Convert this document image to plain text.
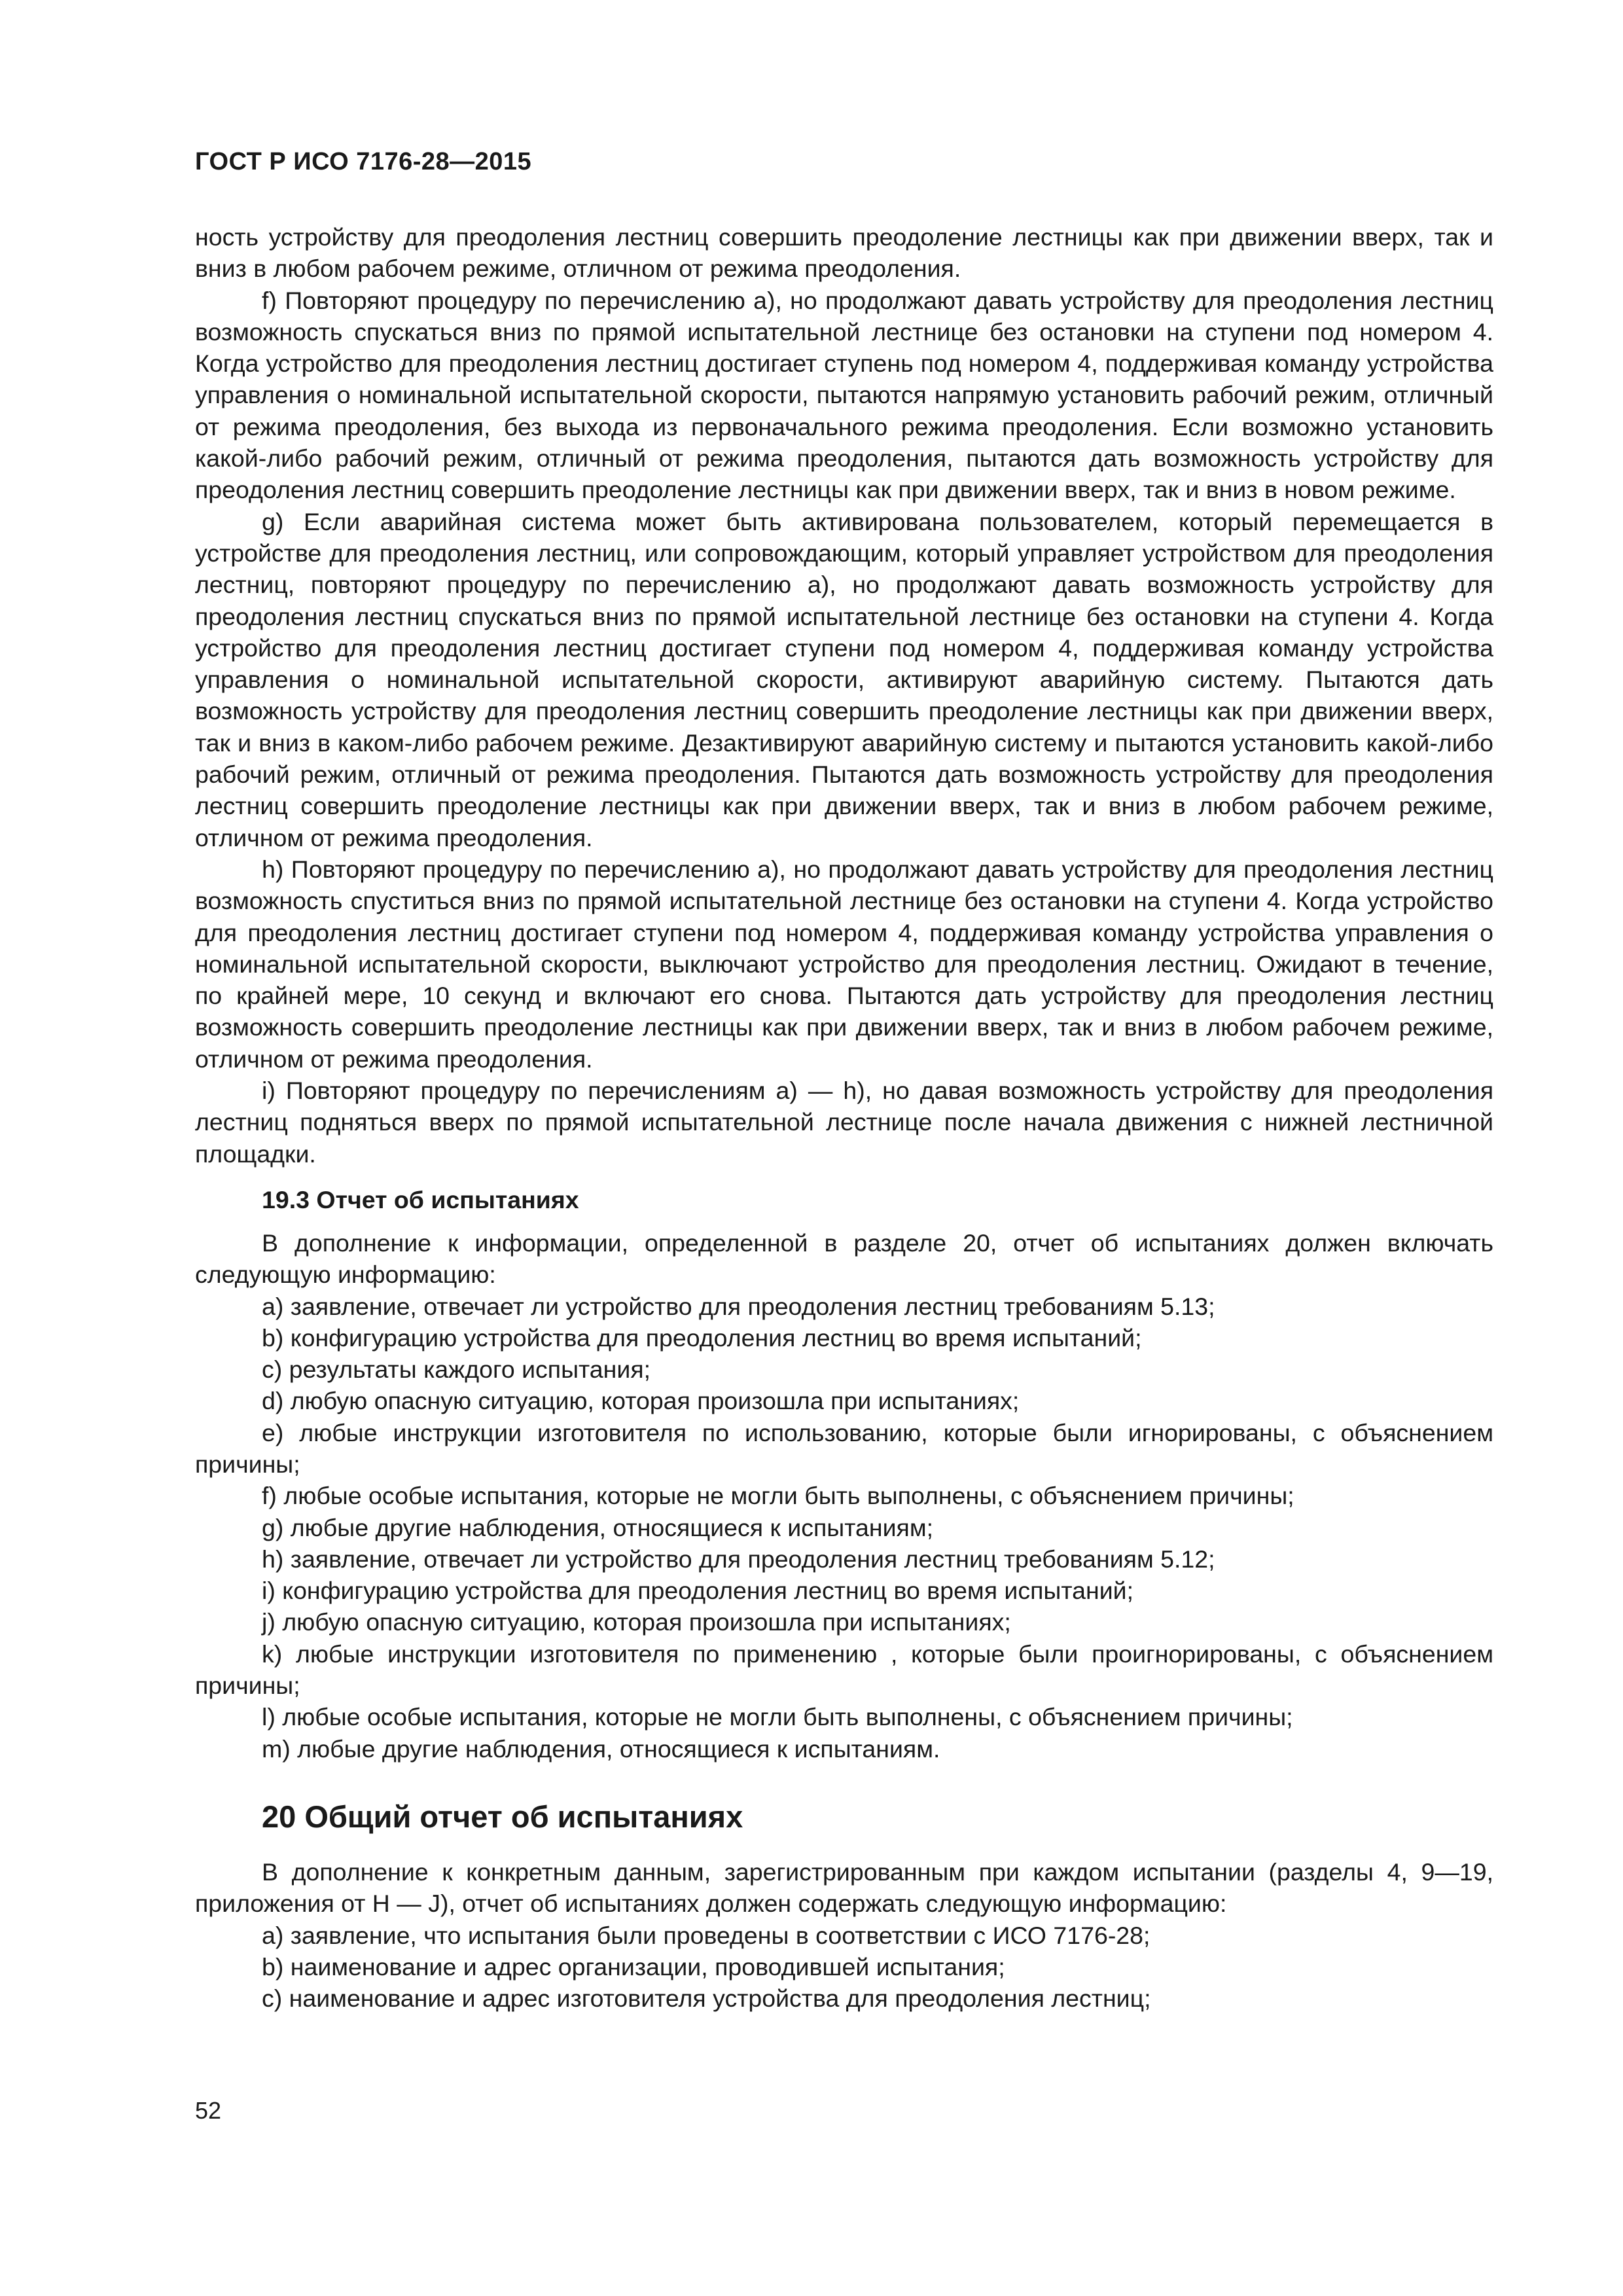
ГОСТ Р ИСО 7176-28—2015

ность устройству для преодоления лестниц совершить преодоление лестницы как при движении вверх, так и вниз в любом рабочем режиме, отличном от режима преодоления.

f) Повторяют процедуру по перечислению а), но продолжают давать устройству для преодоления лестниц возможность спускаться вниз по прямой испытательной лестнице без остановки на ступени под номером 4. Когда устройство для преодоления лестниц достигает ступень под номером 4, поддерживая команду устройства управления о номинальной испытательной скорости, пытаются напрямую установить рабочий режим, отличный от режима преодоления, без выхода из первоначального режима преодоления. Если возможно установить какой-либо рабочий режим, отличный от режима преодоления, пытаются дать возможность устройству для преодоления лестниц совершить преодоление лестницы как при движении вверх, так и вниз в новом режиме.

g) Если аварийная система может быть активирована пользователем, который перемещается в устройстве для преодоления лестниц, или сопровождающим, который управляет устройством для преодоления лестниц, повторяют процедуру по перечислению а), но продолжают давать возможность устройству для преодоления лестниц спускаться вниз по прямой испытательной лестнице без остановки на ступени 4. Когда устройство для преодоления лестниц достигает ступени под номером 4, поддерживая команду устройства управления о номинальной испытательной скорости, активируют аварийную систему. Пытаются дать возможность устройству для преодоления лестниц совершить преодоление лестницы как при движении вверх, так и вниз в каком-либо рабочем режиме. Дезактивируют аварийную систему и пытаются установить какой-либо рабочий режим, отличный от режима преодоления. Пытаются дать возможность устройству для преодоления лестниц совершить преодоление лестницы как при движении вверх, так и вниз в любом рабочем режиме, отличном от режима преодоления.

h) Повторяют процедуру по перечислению а), но продолжают давать устройству для преодоления лестниц возможность спуститься вниз по прямой испытательной лестнице без остановки на ступени 4. Когда устройство для преодоления лестниц достигает ступени под номером 4, поддерживая команду устройства управления о номинальной испытательной скорости, выключают устройство для преодоления лестниц. Ожидают в течение, по крайней мере, 10 секунд и включают его снова. Пытаются дать устройству для преодоления лестниц возможность совершить преодоление лестницы как при движении вверх, так и вниз в любом рабочем режиме, отличном от режима преодоления.

i) Повторяют процедуру по перечислениям а) — h), но давая возможность устройству для преодоления лестниц подняться вверх по прямой испытательной лестнице после начала движения с нижней лестничной площадки.

19.3 Отчет об испытаниях

В дополнение к информации, определенной в разделе 20, отчет об испытаниях должен включать следующую информацию:

a) заявление, отвечает ли устройство для преодоления лестниц требованиям 5.13;

b) конфигурацию устройства для преодоления лестниц во время испытаний;

c) результаты каждого испытания;

d) любую опасную ситуацию, которая произошла при испытаниях;

e) любые инструкции изготовителя по использованию, которые были игнорированы, с объяснением причины;

f) любые особые испытания, которые не могли быть выполнены, с объяснением причины;

g) любые другие наблюдения, относящиеся к испытаниям;

h) заявление, отвечает ли устройство для преодоления лестниц требованиям 5.12;

i) конфигурацию устройства для преодоления лестниц во время испытаний;

j) любую опасную ситуацию, которая произошла при испытаниях;

k) любые инструкции изготовителя по применению , которые были проигнорированы, с объяснением причины;

l) любые особые испытания, которые не могли быть выполнены, с объяснением причины;

m) любые другие наблюдения, относящиеся к испытаниям.

20 Общий отчет об испытаниях

В дополнение к конкретным данным, зарегистрированным при каждом испытании (разделы 4, 9—19, приложения от Н — J), отчет об испытаниях должен содержать следующую информацию:

a) заявление, что испытания были проведены в соответствии с ИСО 7176-28;

b) наименование и адрес организации, проводившей испытания;

c) наименование и адрес изготовителя устройства для преодоления лестниц;

52
